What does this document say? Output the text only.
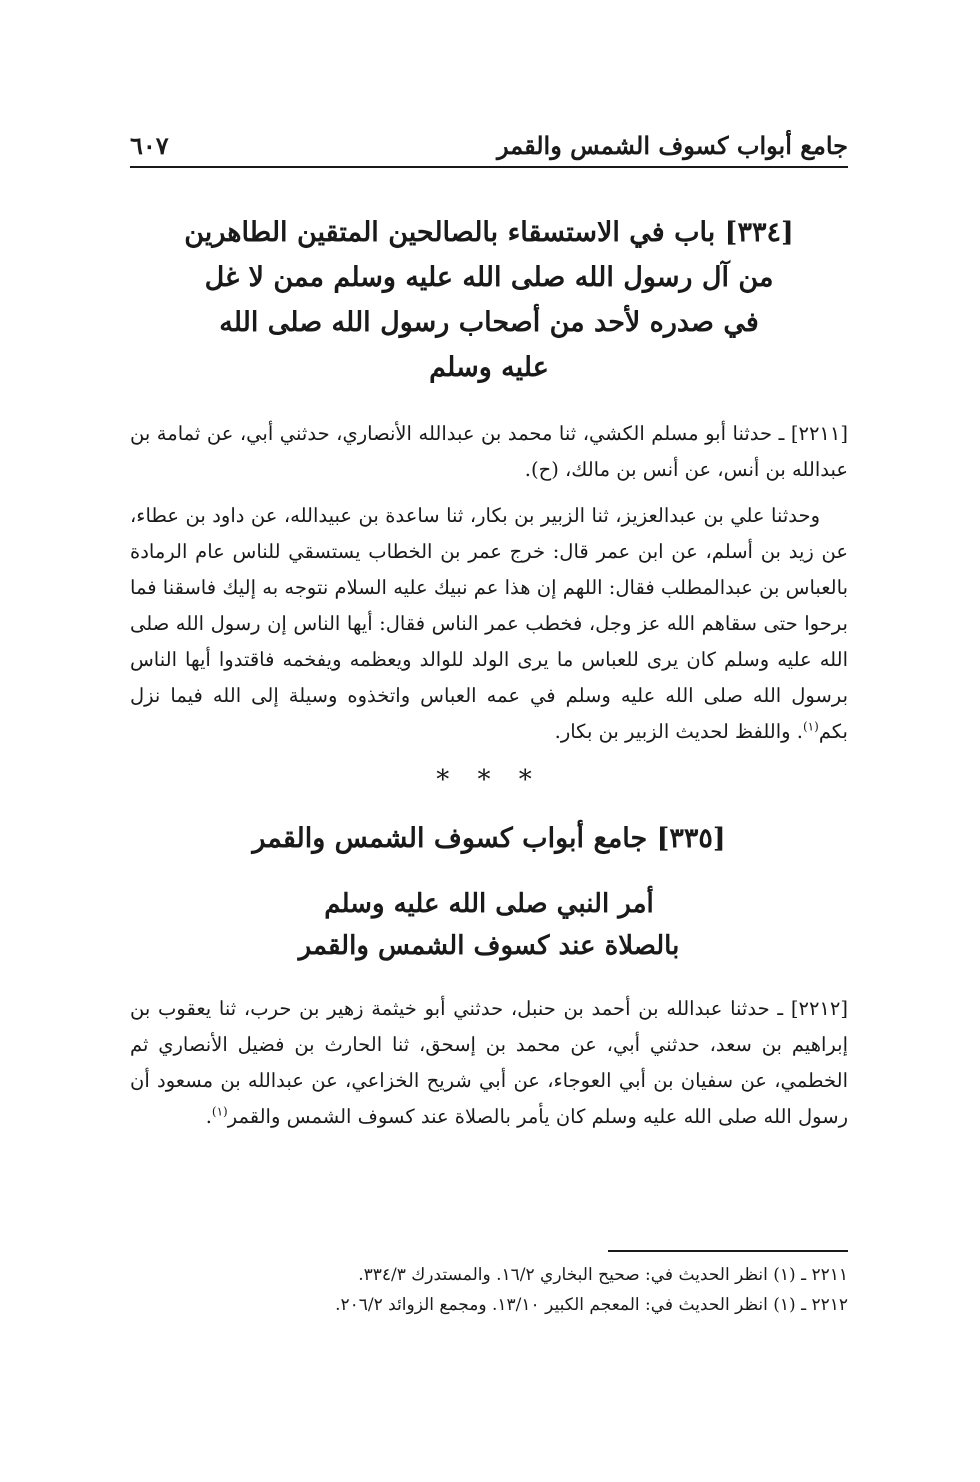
جامع أبواب كسوف الشمس والقمر
٦٠٧
[٣٣٤] باب في الاستسقاء بالصالحين المتقين الطاهرين
من آل رسول الله صلى الله عليه وسلم ممن لا غل
في صدره لأحد من أصحاب رسول الله صلى الله
عليه وسلم

[٢٢١١] ـ حدثنا أبو مسلم الكشي، ثنا محمد بن عبدالله الأنصاري، حدثني أبي، عن ثمامة بن عبدالله بن أنس، عن أنس بن مالك، (ح).

وحدثنا علي بن عبدالعزيز، ثنا الزبير بن بكار، ثنا ساعدة بن عبيدالله، عن داود بن عطاء، عن زيد بن أسلم، عن ابن عمر قال: خرج عمر بن الخطاب يستسقي للناس عام الرمادة بالعباس بن عبدالمطلب فقال: اللهم إن هذا عم نبيك عليه السلام نتوجه به إليك فاسقنا فما برحوا حتى سقاهم الله عز وجل، فخطب عمر الناس فقال: أيها الناس إن رسول الله صلى الله عليه وسلم كان يرى للعباس ما يرى الولد للوالد ويعظمه ويفخمه فاقتدوا أيها الناس برسول الله صلى الله عليه وسلم في عمه العباس واتخذوه وسيلة إلى الله فيما نزل بكم$^{(١)}$. واللفظ لحديث الزبير بن بكار.

* * *
[٣٣٥] جامع أبواب كسوف الشمس والقمر
أمر النبي صلى الله عليه وسلم
بالصلاة عند كسوف الشمس والقمر

[٢٢١٢] ـ حدثنا عبدالله بن أحمد بن حنبل، حدثني أبو خيثمة زهير بن حرب، ثنا يعقوب بن إبراهيم بن سعد، حدثني أبي، عن محمد بن إسحق، ثنا الحارث بن فضيل الأنصاري ثم الخطمي، عن سفيان بن أبي العوجاء، عن أبي شريح الخزاعي، عن عبدالله بن مسعود أن رسول الله صلى الله عليه وسلم كان يأمر بالصلاة عند كسوف الشمس والقمر$^{(١)}$.

٢٢١١ ـ (١) انظر الحديث في: صحيح البخاري ١٦/٢. والمستدرك ٣٣٤/٣.

٢٢١٢ ـ (١) انظر الحديث في: المعجم الكبير ١٣/١٠. ومجمع الزوائد ٢٠٦/٢.
